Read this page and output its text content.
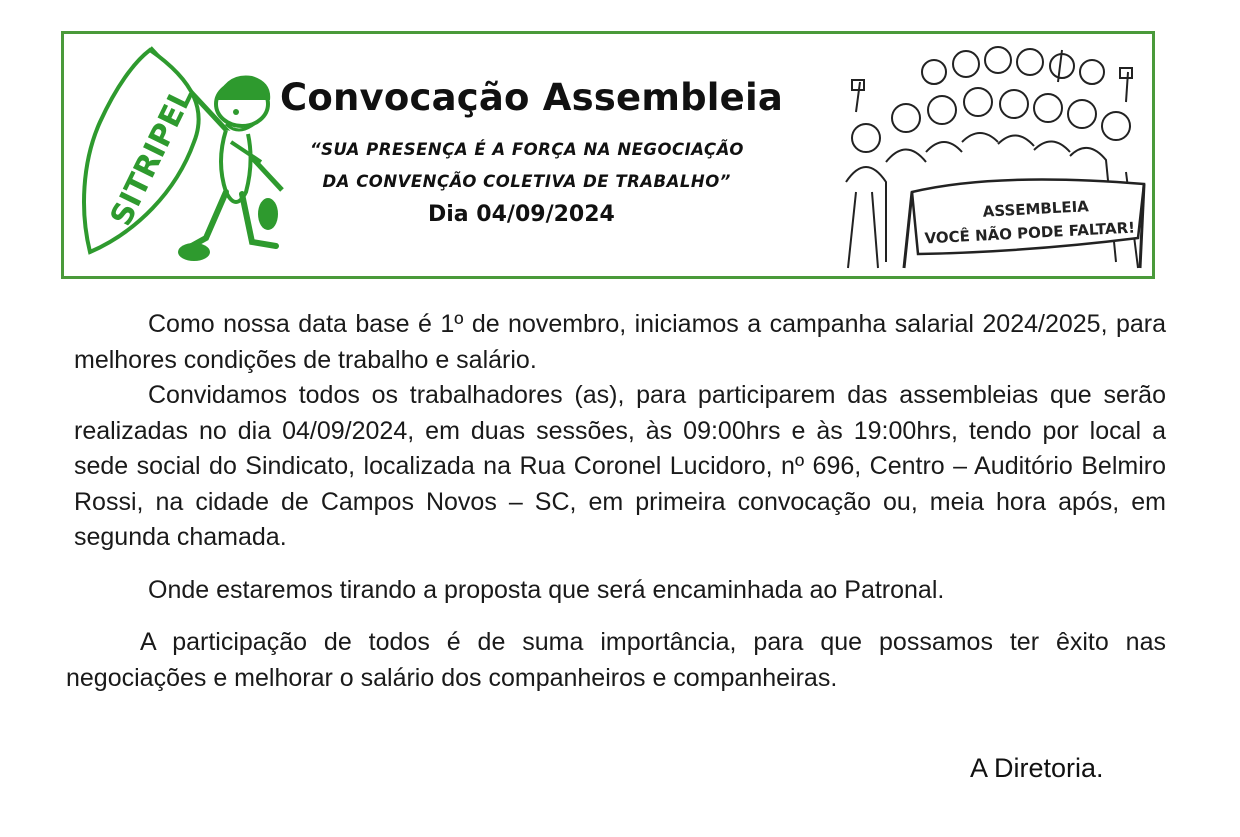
SITRIPEL Convocação Assembleia
“SUA PRESENÇA É A FORÇA NA NEGOCIAÇÃO
DA CONVENÇÃO COLETIVA DE TRABALHO”
Dia 04/09/2024	ASSEMBLEIA
VOCÊ NÃO PODE FALTAR!

Como nossa data base é 1º de novembro, iniciamos a campanha salarial 2024/2025, para melhores condições de trabalho e salário.

Convidamos todos os trabalhadores (as), para participarem das assembleias que serão realizadas no dia 04/09/2024, em duas sessões, às 09:00hrs e às 19:00hrs, tendo por local a sede social do Sindicato, localizada na Rua Coronel Lucidoro, nº 696, Centro – Auditório Belmiro Rossi, na cidade de Campos Novos – SC, em primeira convocação ou, meia hora após, em segunda chamada.

Onde estaremos tirando a proposta que será encaminhada ao Patronal.

A participação de todos é de suma importância, para que possamos ter êxito nas negociações e melhorar o salário dos companheiros e companheiras.

A Diretoria.
